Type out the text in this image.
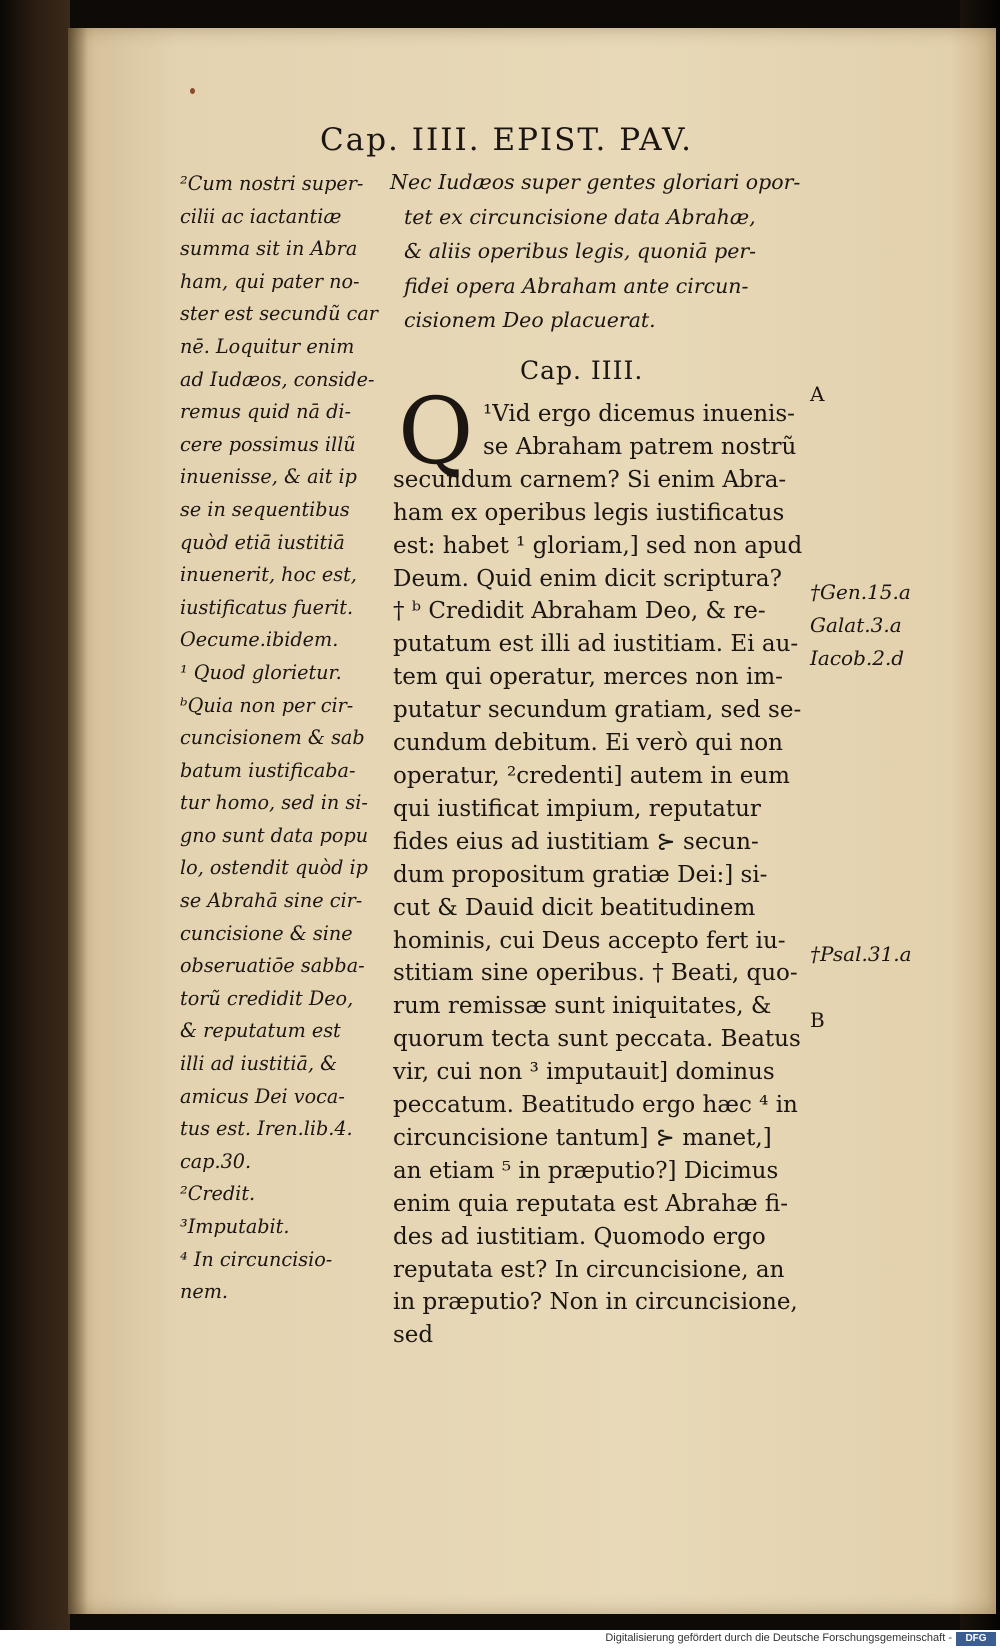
Cap. IIII. EPIST. PAV.
²Cum nostri super-
cilii ac iactantiæ
summa sit in Abra
ham, qui pater no-
ster est secundũ car
nē. Loquitur enim
ad Iudæos, conside-
remus quid nā di-
cere possimus illũ
inuenisse, & ait ip
se in sequentibus
quòd etiā iustitiā
inuenerit, hoc est,
iustificatus fuerit.
Oecume.ibidem.
¹ Quod glorietur.
ᵇQuia non per cir-
cuncisionem & sab
batum iustificaba-
tur homo, sed in si-
gno sunt data popu
lo, ostendit quòd ip
se Abrahā sine cir-
cuncisione & sine
obseruatiōe sabba-
torũ credidit Deo,
& reputatum est
illi ad iustitiā, &
amicus Dei voca-
tus est. Iren.lib.4.
cap.30.
²Credit.
³Imputabit.
⁴ In circuncisio-
nem.
Nec Iudæos super gentes gloriari opor-
tet ex circuncisione data Abrahæ,
& aliis operibus legis, quoniā per-
fidei opera Abraham ante circun-
cisionem Deo placuerat.
Cap. IIII.
Q ¹Vid ergo dicemus inuenis-
se Abraham patrem nostrũ
secundum carnem? Si enim Abra-
ham ex operibus legis iustificatus
est: habet ¹ gloriam,] sed non apud
Deum. Quid enim dicit scriptura?
† ᵇ Credidit Abraham Deo, & re-
putatum est illi ad iustitiam. Ei au-
tem qui operatur, merces non im-
putatur secundum gratiam, sed se-
cundum debitum. Ei verò qui non
operatur, ²credenti] autem in eum
qui iustificat impium, reputatur
fides eius ad iustitiam ⊱ secun-
dum propositum gratiæ Dei:] si-
cut & Dauid dicit beatitudinem
hominis, cui Deus accepto fert iu-
stitiam sine operibus. † Beati, quo-
rum remissæ sunt iniquitates, &
quorum tecta sunt peccata. Beatus
vir, cui non ³ imputauit] dominus
peccatum. Beatitudo ergo hæc ⁴ in
circuncisione tantum] ⊱ manet,]
an etiam ⁵ in præputio?] Dicimus
enim quia reputata est Abrahæ fi-
des ad iustitiam. Quomodo ergo
reputata est? In circuncisione, an
in præputio? Non in circuncisione,
sed
A
†Gen.15.a
Galat.3.a
Iacob.2.d
†Psal.31.a
B
Digitalisierung gefördert durch die Deutsche Forschungsgemeinschaft -	DFG
